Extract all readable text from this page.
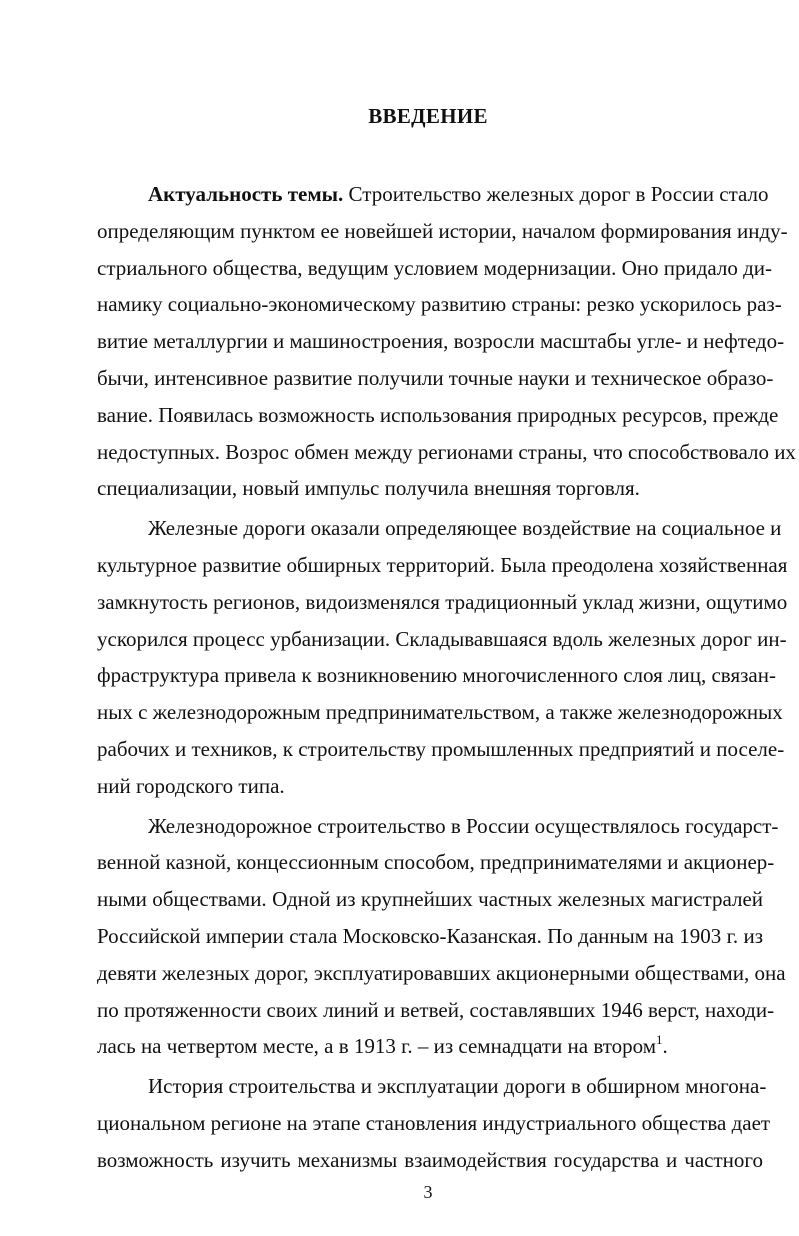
ВВЕДЕНИЕ
Актуальность темы. Строительство железных дорог в России стало
определяющим пунктом ее новейшей истории, началом формирования инду-
стриального общества, ведущим условием модернизации. Оно придало ди-
намику социально-экономическому развитию страны: резко ускорилось раз-
витие металлургии и машиностроения, возросли масштабы угле- и нефтедо-
бычи, интенсивное развитие получили точные науки и техническое образо-
вание. Появилась возможность использования природных ресурсов, прежде
недоступных. Возрос обмен между регионами страны, что способствовало их
специализации, новый импульс получила внешняя торговля.
Железные дороги оказали определяющее воздействие на социальное и
культурное развитие обширных территорий. Была преодолена хозяйственная
замкнутость регионов, видоизменялся традиционный уклад жизни, ощутимо
ускорился процесс урбанизации. Складывавшаяся вдоль железных дорог ин-
фраструктура привела к возникновению многочисленного слоя лиц, связан-
ных с железнодорожным предпринимательством, а также железнодорожных
рабочих и техников, к строительству промышленных предприятий и поселе-
ний городского типа.
Железнодорожное строительство в России осуществлялось государст-
венной казной, концессионным способом, предпринимателями и акционер-
ными обществами. Одной из крупнейших частных железных магистралей
Российской империи стала Московско-Казанская. По данным на 1903 г. из
девяти железных дорог, эксплуатировавших акционерными обществами, она
по протяженности своих линий и ветвей, составлявших 1946 верст, находи-
лась на четвертом месте, а в 1913 г. – из семнадцати на втором$^1$.
История строительства и эксплуатации дороги в обширном многона-
циональном регионе на этапе становления индустриального общества дает
возможность изучить механизмы взаимодействия государства и частного
3
